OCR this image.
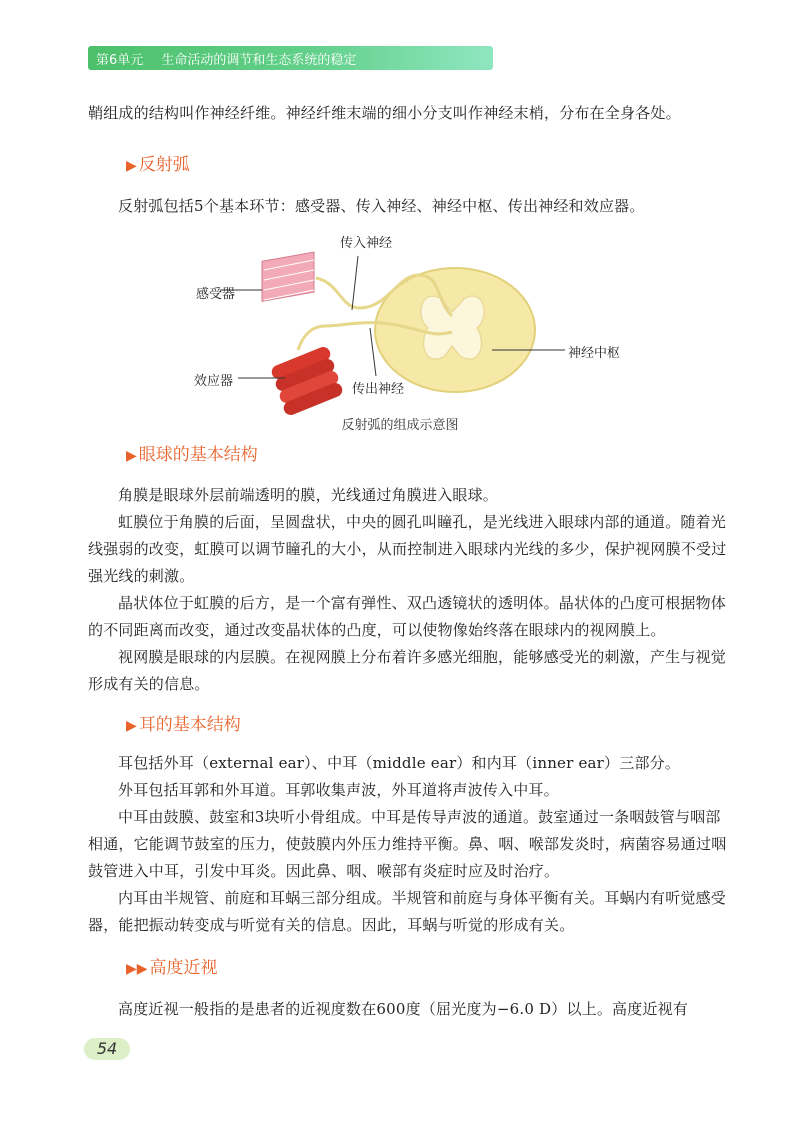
第6单元 生命活动的调节和生态系统的稳定
鞘组成的结构叫作神经纤维。神经纤维末端的细小分支叫作神经末梢，分布在全身各处。
▶ 反射弧
反射弧包括5个基本环节：感受器、传入神经、神经中枢、传出神经和效应器。
传入神经
感受器
神经中枢
效应器
传出神经
反射弧的组成示意图
▶ 眼球的基本结构
角膜是眼球外层前端透明的膜，光线通过角膜进入眼球。
虹膜位于角膜的后面，呈圆盘状，中央的圆孔叫瞳孔，是光线进入眼球内部的通道。随着光线强弱的改变，虹膜可以调节瞳孔的大小，从而控制进入眼球内光线的多少，保护视网膜不受过强光线的刺激。
晶状体位于虹膜的后方，是一个富有弹性、双凸透镜状的透明体。晶状体的凸度可根据物体的不同距离而改变，通过改变晶状体的凸度，可以使物像始终落在眼球内的视网膜上。
视网膜是眼球的内层膜。在视网膜上分布着许多感光细胞，能够感受光的刺激，产生与视觉形成有关的信息。
▶ 耳的基本结构
耳包括外耳（external ear）、中耳（middle ear）和内耳（inner ear）三部分。
外耳包括耳郭和外耳道。耳郭收集声波，外耳道将声波传入中耳。
中耳由鼓膜、鼓室和3块听小骨组成。中耳是传导声波的通道。鼓室通过一条咽鼓管与咽部相通，它能调节鼓室的压力，使鼓膜内外压力维持平衡。鼻、咽、喉部发炎时，病菌容易通过咽鼓管进入中耳，引发中耳炎。因此鼻、咽、喉部有炎症时应及时治疗。
内耳由半规管、前庭和耳蜗三部分组成。半规管和前庭与身体平衡有关。耳蜗内有听觉感受器，能把振动转变成与听觉有关的信息。因此，耳蜗与听觉的形成有关。
▶▶ 高度近视
高度近视一般指的是患者的近视度数在600度（屈光度为−6.0 D）以上。高度近视有
54
